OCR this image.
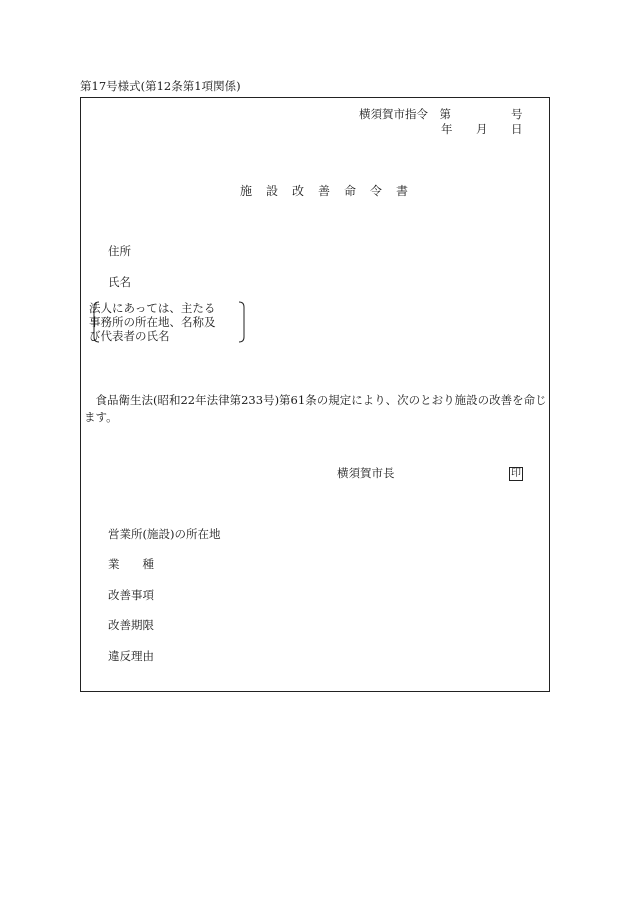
第17号様式(第12条第1項関係)
横須賀市指令　第	号
年 月 日
施設改善命令書
住所
氏名
法人にあっては、主たる
事務所の所在地、名称及
び代表者の氏名
　食品衛生法(昭和22年法律第233号)第61条の規定により、次のとおり施設の改善を命じます。
横須賀市長	印
営業所(施設)の所在地
業　　種
改善事項
改善期限
違反理由
